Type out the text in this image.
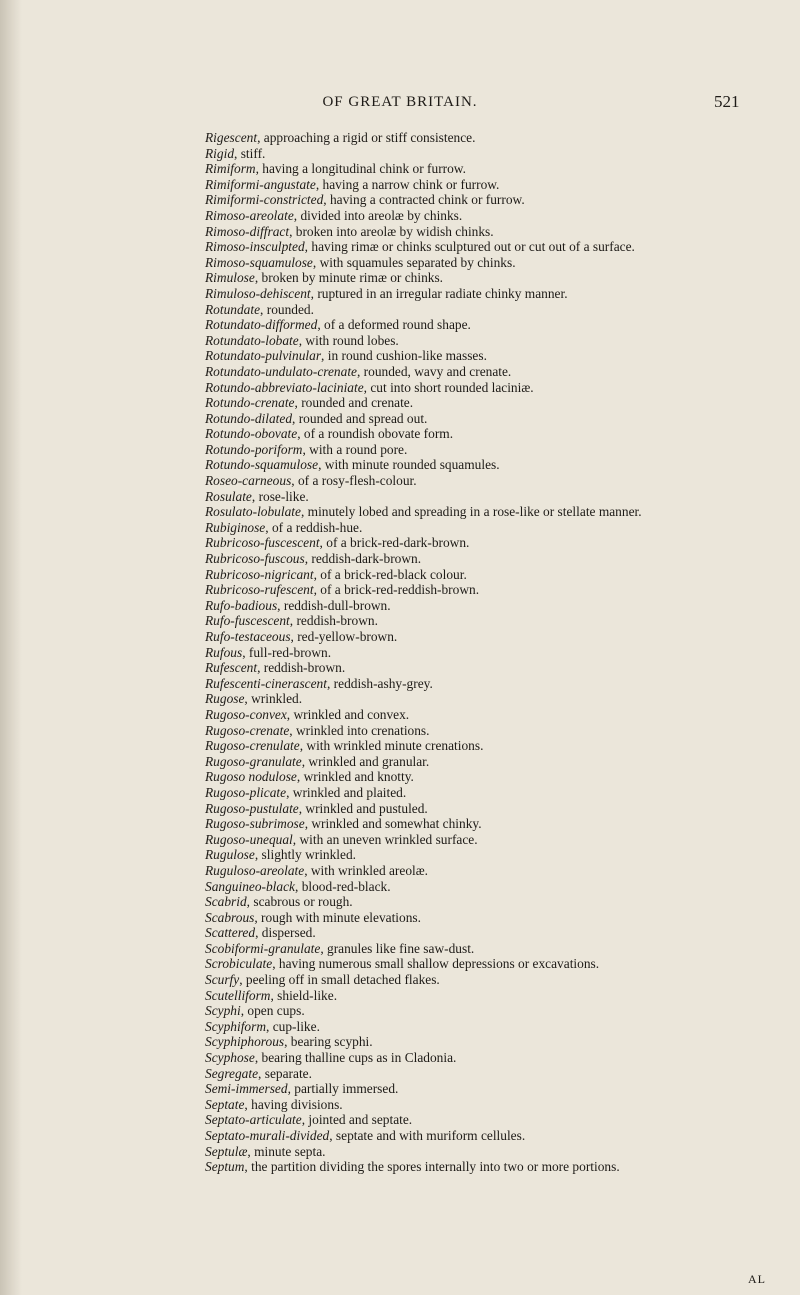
OF GREAT BRITAIN.	521
Rigescent, approaching a rigid or stiff consistence.
Rigid, stiff.
Rimiform, having a longitudinal chink or furrow.
Rimiformi-angustate, having a narrow chink or furrow.
Rimiformi-constricted, having a contracted chink or furrow.
Rimoso-areolate, divided into areolæ by chinks.
Rimoso-diffract, broken into areolæ by widish chinks.
Rimoso-insculpted, having rimæ or chinks sculptured out or cut out of a surface.
Rimoso-squamulose, with squamules separated by chinks.
Rimulose, broken by minute rimæ or chinks.
Rimuloso-dehiscent, ruptured in an irregular radiate chinky manner.
Rotundate, rounded.
Rotundato-difformed, of a deformed round shape.
Rotundato-lobate, with round lobes.
Rotundato-pulvinular, in round cushion-like masses.
Rotundato-undulato-crenate, rounded, wavy and crenate.
Rotundo-abbreviato-laciniate, cut into short rounded laciniæ.
Rotundo-crenate, rounded and crenate.
Rotundo-dilated, rounded and spread out.
Rotundo-obovate, of a roundish obovate form.
Rotundo-poriform, with a round pore.
Rotundo-squamulose, with minute rounded squamules.
Roseo-carneous, of a rosy-flesh-colour.
Rosulate, rose-like.
Rosulato-lobulate, minutely lobed and spreading in a rose-like or stellate manner.
Rubiginose, of a reddish-hue.
Rubricoso-fuscescent, of a brick-red-dark-brown.
Rubricoso-fuscous, reddish-dark-brown.
Rubricoso-nigricant, of a brick-red-black colour.
Rubricoso-rufescent, of a brick-red-reddish-brown.
Rufo-badious, reddish-dull-brown.
Rufo-fuscescent, reddish-brown.
Rufo-testaceous, red-yellow-brown.
Rufous, full-red-brown.
Rufescent, reddish-brown.
Rufescenti-cinerascent, reddish-ashy-grey.
Rugose, wrinkled.
Rugoso-convex, wrinkled and convex.
Rugoso-crenate, wrinkled into crenations.
Rugoso-crenulate, with wrinkled minute crenations.
Rugoso-granulate, wrinkled and granular.
Rugoso nodulose, wrinkled and knotty.
Rugoso-plicate, wrinkled and plaited.
Rugoso-pustulate, wrinkled and pustuled.
Rugoso-subrimose, wrinkled and somewhat chinky.
Rugoso-unequal, with an uneven wrinkled surface.
Rugulose, slightly wrinkled.
Ruguloso-areolate, with wrinkled areolæ.
Sanguineo-black, blood-red-black.
Scabrid, scabrous or rough.
Scabrous, rough with minute elevations.
Scattered, dispersed.
Scobiformi-granulate, granules like fine saw-dust.
Scrobiculate, having numerous small shallow depressions or excavations.
Scurfy, peeling off in small detached flakes.
Scutelliform, shield-like.
Scyphi, open cups.
Scyphiform, cup-like.
Scyphiphorous, bearing scyphi.
Scyphose, bearing thalline cups as in Cladonia.
Segregate, separate.
Semi-immersed, partially immersed.
Septate, having divisions.
Septato-articulate, jointed and septate.
Septato-murali-divided, septate and with muriform cellules.
Septulæ, minute septa.
Septum, the partition dividing the spores internally into two or more portions.
AL
